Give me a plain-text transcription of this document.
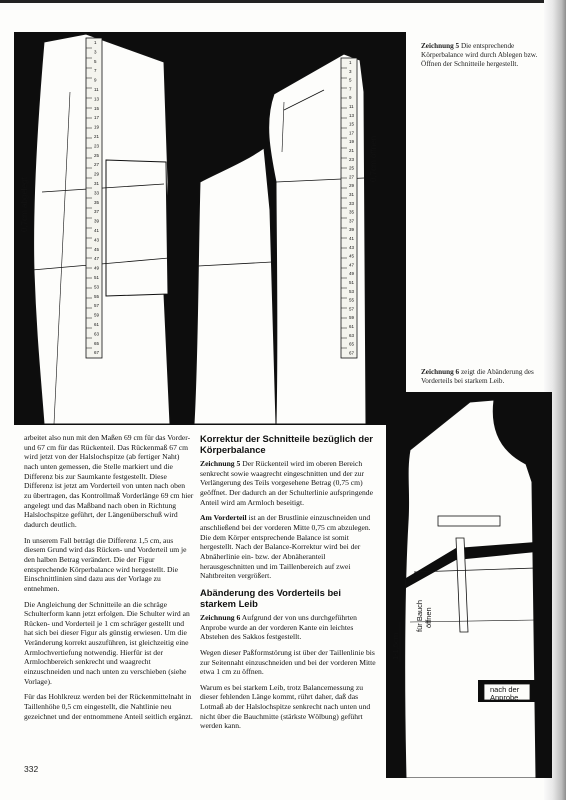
0,7cm abgelegt
0,7cm öffnen
1
1
3
3
5
5
7
7
9
9
11
11
13
13
15
15
17
17
19
19
21
21
23
23
25
25
27
27
29
29
31
31
33
33
35
35
37
37
39
39
41
41
43
43
45
45
47
47
49
49
51
51
53
53
55
55
57
57
59
59
61	61
63	63
65	65
67	67
für Bauch öffnen
1-1,5cm
nach der
Anprobe
Zeichnung 5 Die entsprechende Körperbalance wird durch Ablegen bzw. Öffnen der Schnitteile hergestellt.
Zeichnung 6 zeigt die Abänderung des Vorderteils bei starkem Leib.

arbeitet also nun mit den Maßen 69 cm für das Vorder- und 67 cm für das Rückenteil. Das Rückenmaß 67 cm wird jetzt von der Halslochspitze (ab fertiger Naht) nach unten gemessen, die Stelle markiert und die Differenz bis zur Saumkante festgestellt. Diese Differenz ist jetzt am Vorderteil von unten nach oben zu übertragen, das Kontrollmaß Vorderlänge 69 cm hier angelegt und das Maßband nach oben in Richtung Halslochspitze geführt, der Längenüberschuß wird dadurch deutlich.

In unserem Fall beträgt die Differenz 1,5 cm, aus diesem Grund wird das Rücken- und Vorderteil um je den halben Betrag verändert. Die der Figur entsprechende Körperbalance wird hergestellt. Die Einschnittlinien sind dazu aus der Vorlage zu entnehmen.

Die Angleichung der Schnitteile an die schräge Schulterform kann jetzt erfolgen. Die Schulter wird an Rücken- und Vorderteil je 1 cm schräger gestellt und hat sich bei dieser Figur als günstig erwiesen. Um die Veränderung korrekt auszuführen, ist gleichzeitig eine Armlochvertiefung notwendig. Hierfür ist der Armlochbereich senkrecht und waagrecht einzuschneiden und nach unten zu verschieben (siehe Vorlage).

Für das Hohlkreuz werden bei der Rückenmittelnaht in Taillenhöhe 0,5 cm eingestellt, die Nahtlinie neu gezeichnet und der entnommene Anteil seitlich ergänzt.

Korrektur der Schnitteile bezüglich der Körperbalance

Zeichnung 5 Der Rückenteil wird im oberen Bereich senkrecht sowie waagrecht eingeschnitten und der zur Verlängerung des Teils vorgesehene Betrag (0,75 cm) geöffnet. Der dadurch an der Schulterlinie aufspringende Anteil wird am Armloch beseitigt.

Am Vorderteil ist an der Brustlinie einzuschneiden und anschließend bei der vorderen Mitte 0,75 cm abzulegen. Die dem Körper entsprechende Balance ist somit hergestellt. Nach der Balance-Korrektur wird bei der Abnäherlinie ein- bzw. der Abnäheranteil herausgeschnitten und im Taillenbereich auf zwei Nahtbreiten vergrößert.

Abänderung des Vorderteils bei starkem Leib

Zeichnung 6 Aufgrund der von uns durchgeführten Anprobe wurde an der vorderen Kante ein leichtes Abstehen des Sakkos festgestellt.

Wegen dieser Paßformstörung ist über der Taillenlinie bis zur Seitennaht einzuschneiden und bei der vorderen Mitte etwa 1 cm zu öffnen.

Warum es bei starkem Leib, trotz Balancemessung zu dieser fehlenden Länge kommt, rührt daher, daß das Lotmaß ab der Halslochspitze senkrecht nach unten und nicht über die Bauchmitte (stärkste Wölbung) geführt werden kann.

332
